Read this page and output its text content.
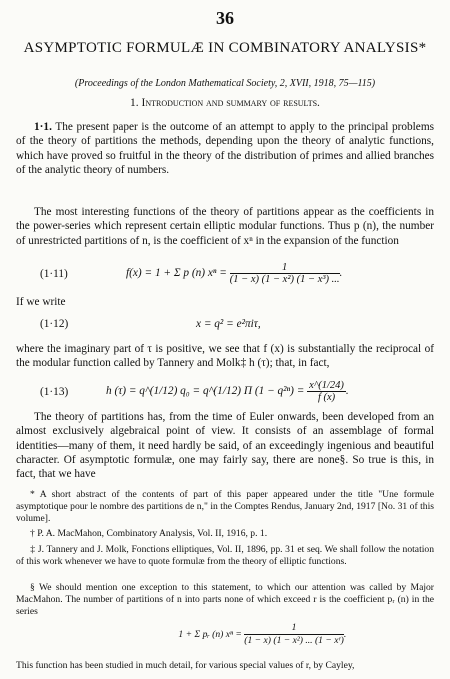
36
ASYMPTOTIC FORMULÆ IN COMBINATORY ANALYSIS*
(Proceedings of the London Mathematical Society, 2, XVII, 1918, 75—115)
1. Introduction and summary of results.
1·1. The present paper is the outcome of an attempt to apply to the principal problems of the theory of partitions the methods, depending upon the theory of analytic functions, which have proved so fruitful in the theory of the distribution of primes and allied branches of the analytic theory of numbers.
The most interesting functions of the theory of partitions appear as the coefficients in the power-series which represent certain elliptic modular functions. Thus p (n), the number of unrestricted partitions of n, is the coefficient of xⁿ in the expansion of the function
(1·11)	f(x) = 1 + Σ p (n) $x^n = \frac{1}{\text{(1 − x) (1 − x²) (1 − x³) ...}}$ .
If we write
(1·12)	x = q² = e²πiτ,
where the imaginary part of τ is positive, we see that f (x) is substantially the reciprocal of the modular function called by Tannery and Molk‡ h (τ); that, in fact,
(1·13)	h (τ) = q^(1/12) q₀ = q^(1/12) Π $(1 - q^{2n}) = \frac{x\^{}(1/24)}{f (x)}$ .
The theory of partitions has, from the time of Euler onwards, been developed from an almost exclusively algebraical point of view. It consists of an assemblage of formal identities—many of them, it need hardly be said, of an exceedingly ingenious and beautiful character. Of asymptotic formulæ, one may fairly say, there are none§. So true is this, in fact, that we have
* A short abstract of the contents of part of this paper appeared under the title "Une formule asymptotique pour le nombre des partitions de n," in the Comptes Rendus, January 2nd, 1917 [No. 31 of this volume].
† P. A. MacMahon, Combinatory Analysis, Vol. II, 1916, p. 1.
‡ J. Tannery and J. Molk, Fonctions elliptiques, Vol. II, 1896, pp. 31 et seq. We shall follow the notation of this work whenever we have to quote formulæ from the theory of elliptic functions.
§ We should mention one exception to this statement, to which our attention was called by Major MacMahon. The number of partitions of n into parts none of which exceed r is the coefficient pᵣ (n) in the series
1 + Σ pᵣ (n) $x^n = \frac{1}{\text{(1 − x) (1 − x²) ... (1 − xʳ)}}$ .
This function has been studied in much detail, for various special values of r, by Cayley,
